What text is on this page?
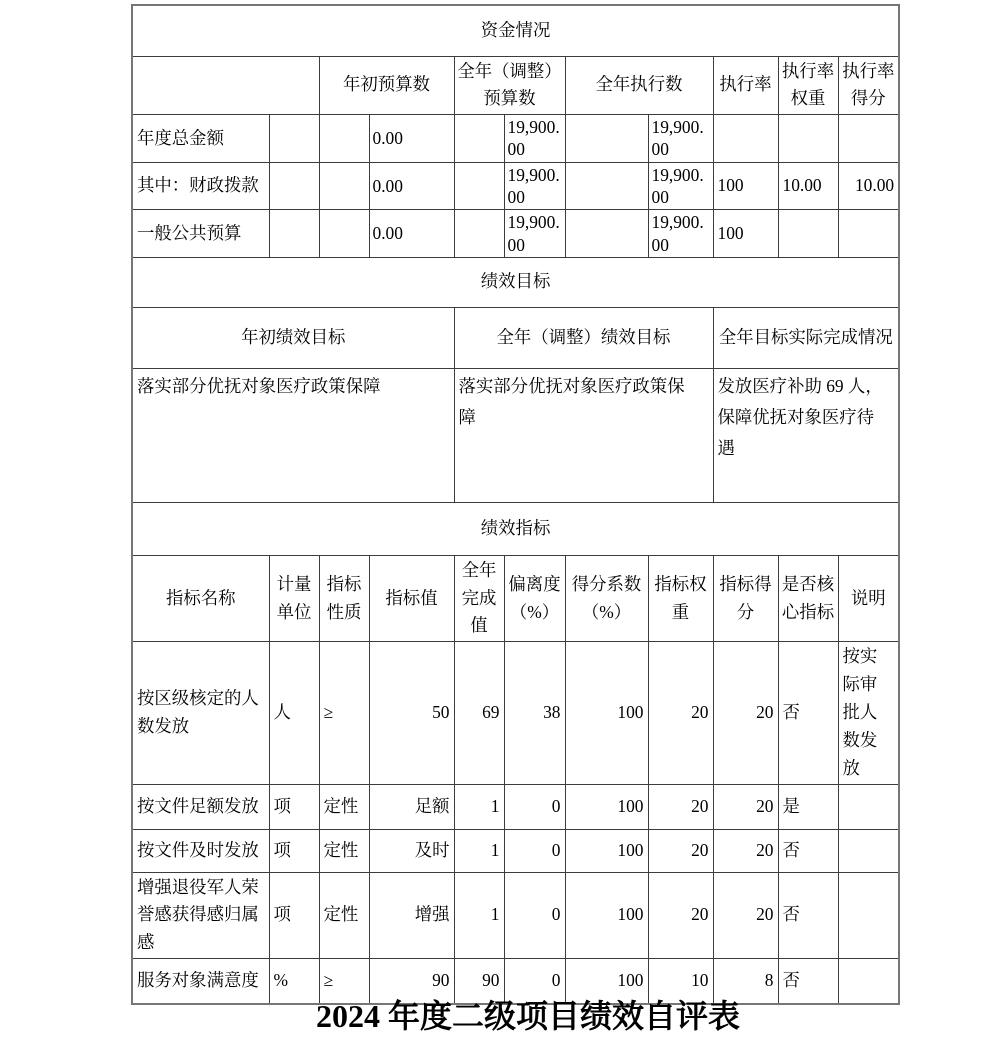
资金情况										
		年初预算数		全年（调整）预算数		全年执行数		执行率	执行率权重	执行率得分
年度总金额			0.00		19,900.00		19,900.00			
其中：财政拨款			0.00		19,900.00		19,900.00	100	10.00	10.00
一般公共预算			0.00		19,900.00		19,900.00	100		
绩效目标										
年初绩效目标				全年（调整）绩效目标				全年目标实际完成情况		
落实部分优抚对象医疗政策保障				落实部分优抚对象医疗政策保障				发放医疗补助 69 人，保障优抚对象医疗待遇		
绩效指标										
指标名称	计量单位	指标性质	指标值	全年完成值	偏离度（%）	得分系数（%）	指标权重	指标得分	是否核心指标	说明
按区级核定的人数发放	人	≥	50	69	38	100	20	20	否	按实际审批人数发放
按文件足额发放	项	定性	足额	1	0	100	20	20	是	
按文件及时发放	项	定性	及时	1	0	100	20	20	否	
增强退役军人荣誉感获得感归属感	项	定性	增强	1	0	100	20	20	否	
服务对象满意度	%	≥	90	90	0	100	10	8	否	
2024 年度二级项目绩效自评表
